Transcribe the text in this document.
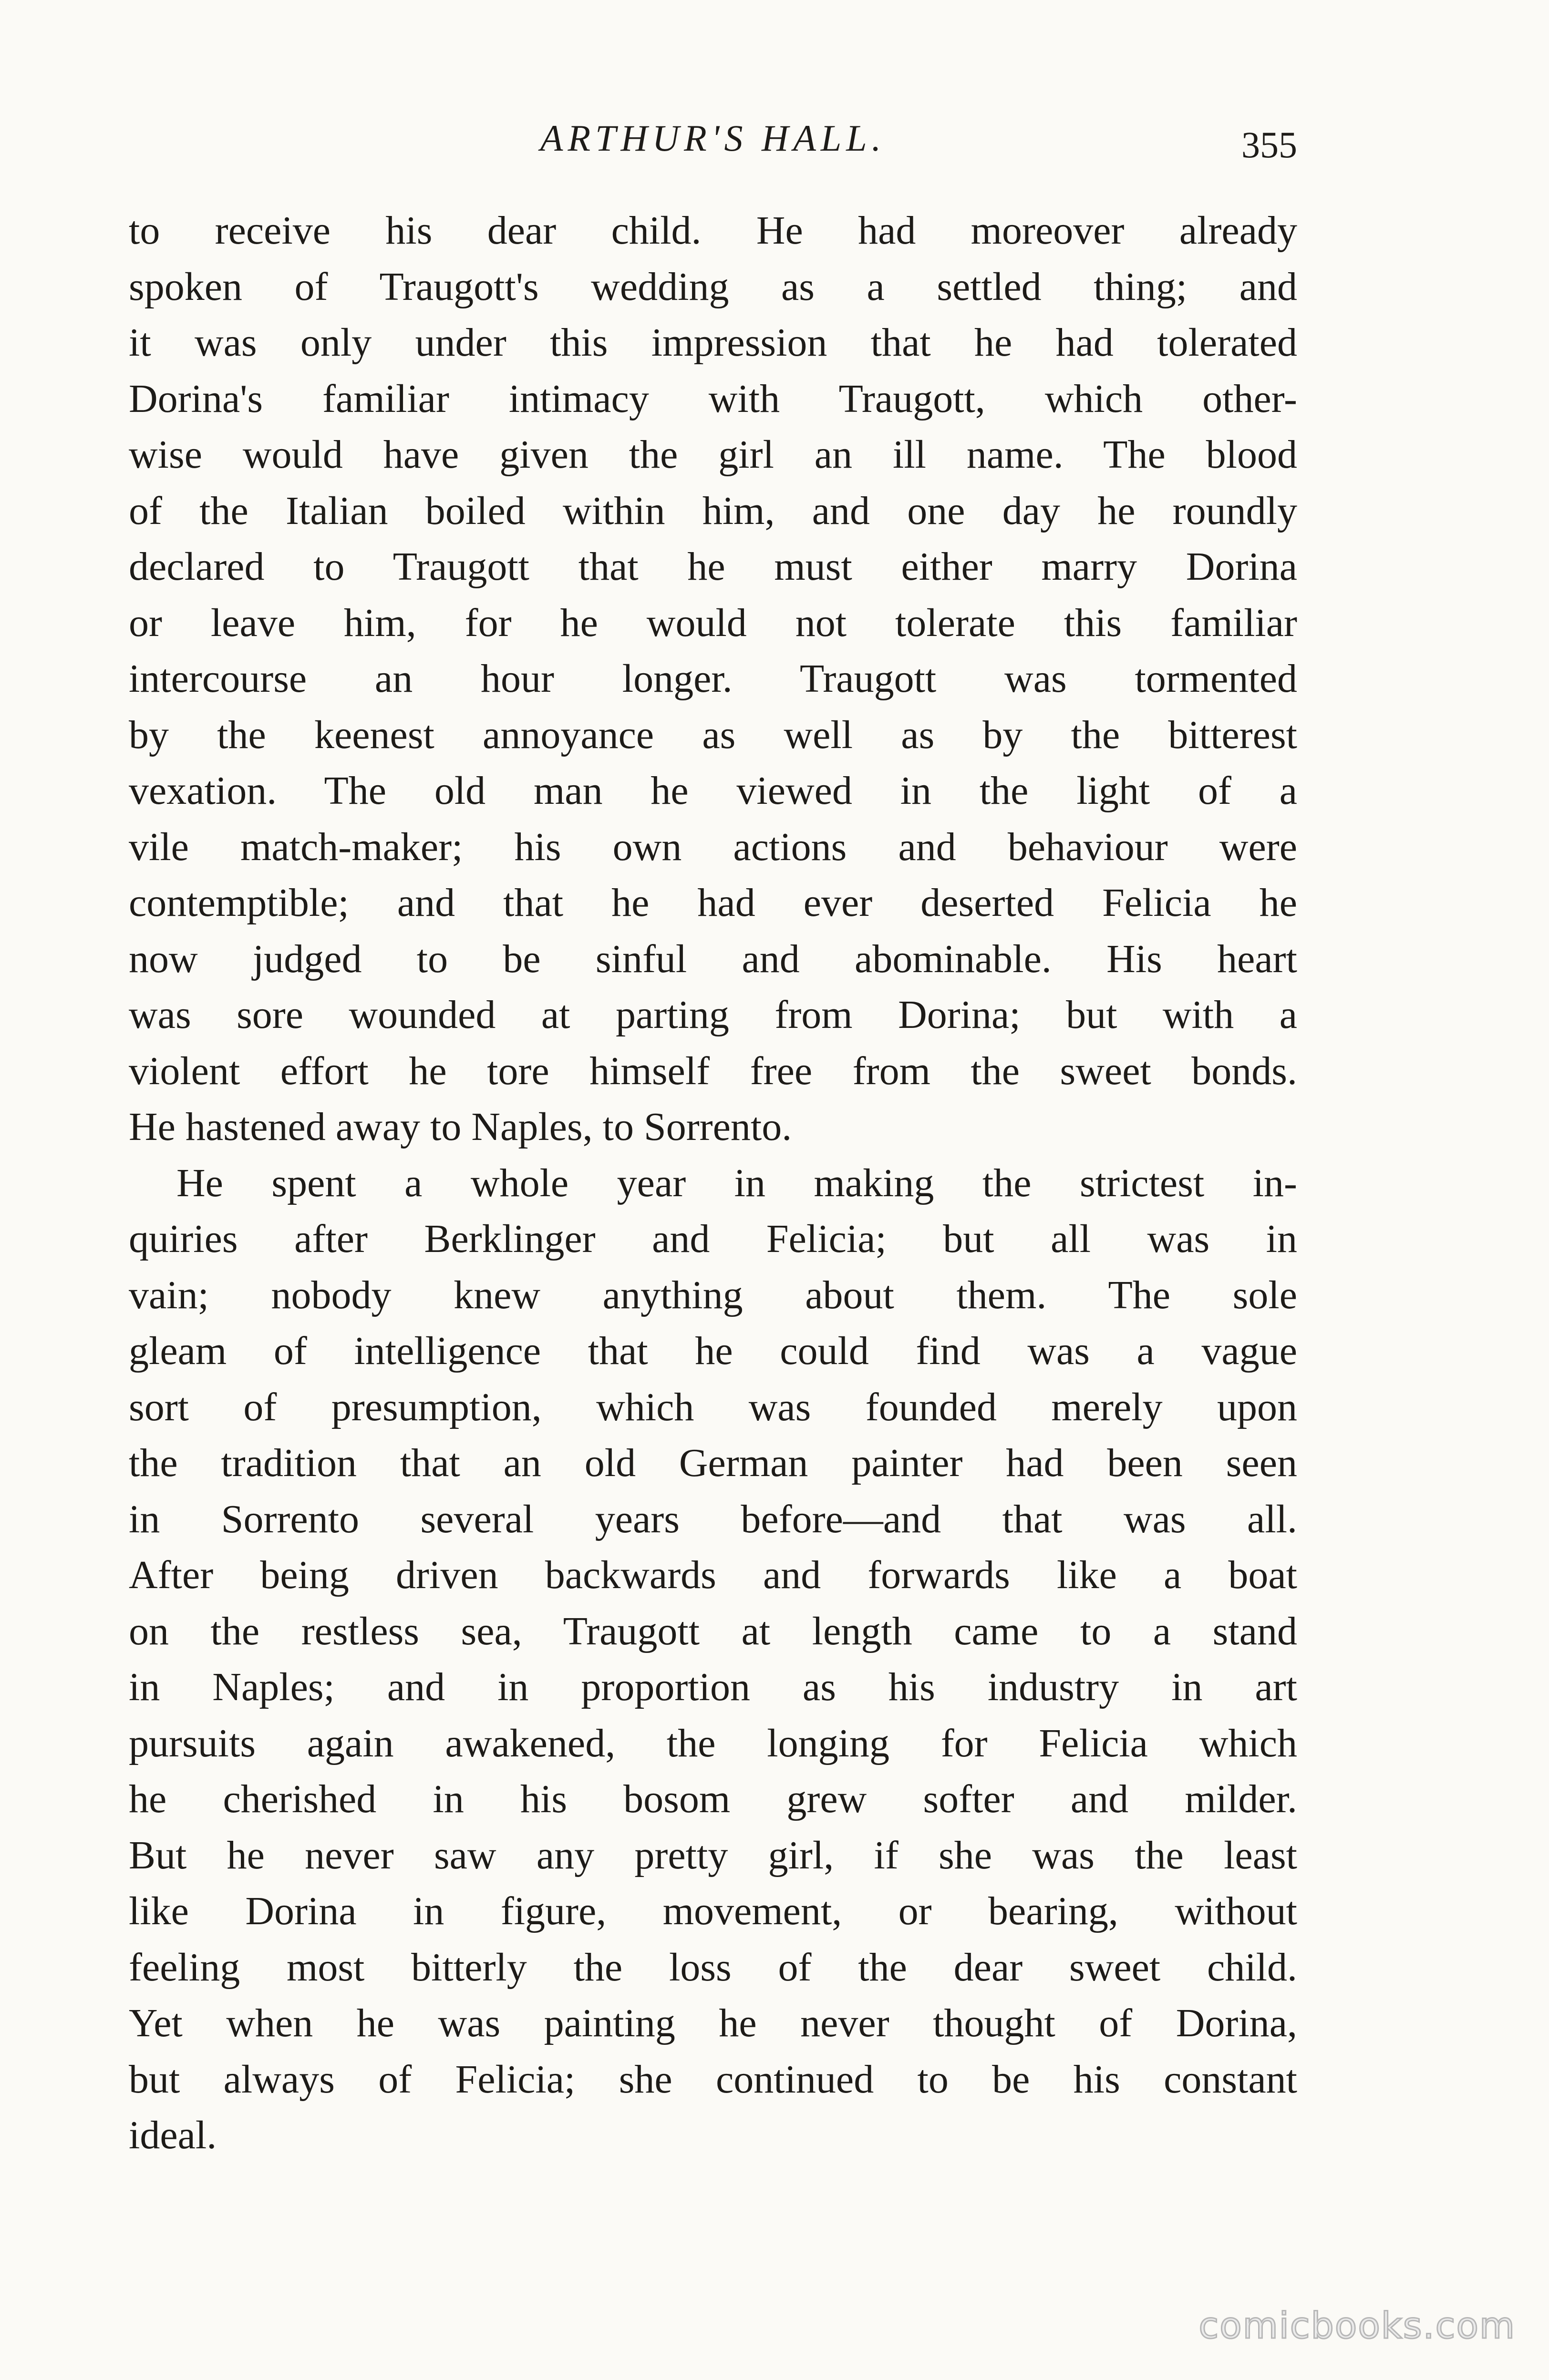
ARTHUR'S HALL.	355
to receive his dear child. He had moreover already
spoken of Traugott's wedding as a settled thing; and
it was only under this impression that he had tolerated
Dorina's familiar intimacy with Traugott, which other-
wise would have given the girl an ill name. The blood
of the Italian boiled within him, and one day he roundly
declared to Traugott that he must either marry Dorina
or leave him, for he would not tolerate this familiar
intercourse an hour longer. Traugott was tormented
by the keenest annoyance as well as by the bitterest
vexation. The old man he viewed in the light of a
vile match-maker; his own actions and behaviour were
contemptible; and that he had ever deserted Felicia he
now judged to be sinful and abominable. His heart
was sore wounded at parting from Dorina; but with a
violent effort he tore himself free from the sweet bonds.
He hastened away to Naples, to Sorrento.
He spent a whole year in making the strictest in-
quiries after Berklinger and Felicia; but all was in
vain; nobody knew anything about them. The sole
gleam of intelligence that he could find was a vague
sort of presumption, which was founded merely upon
the tradition that an old German painter had been seen
in Sorrento several years before—and that was all.
After being driven backwards and forwards like a boat
on the restless sea, Traugott at length came to a stand
in Naples; and in proportion as his industry in art
pursuits again awakened, the longing for Felicia which
he cherished in his bosom grew softer and milder.
But he never saw any pretty girl, if she was the least
like Dorina in figure, movement, or bearing, without
feeling most bitterly the loss of the dear sweet child.
Yet when he was painting he never thought of Dorina,
but always of Felicia; she continued to be his constant
ideal.
comicbooks.com
